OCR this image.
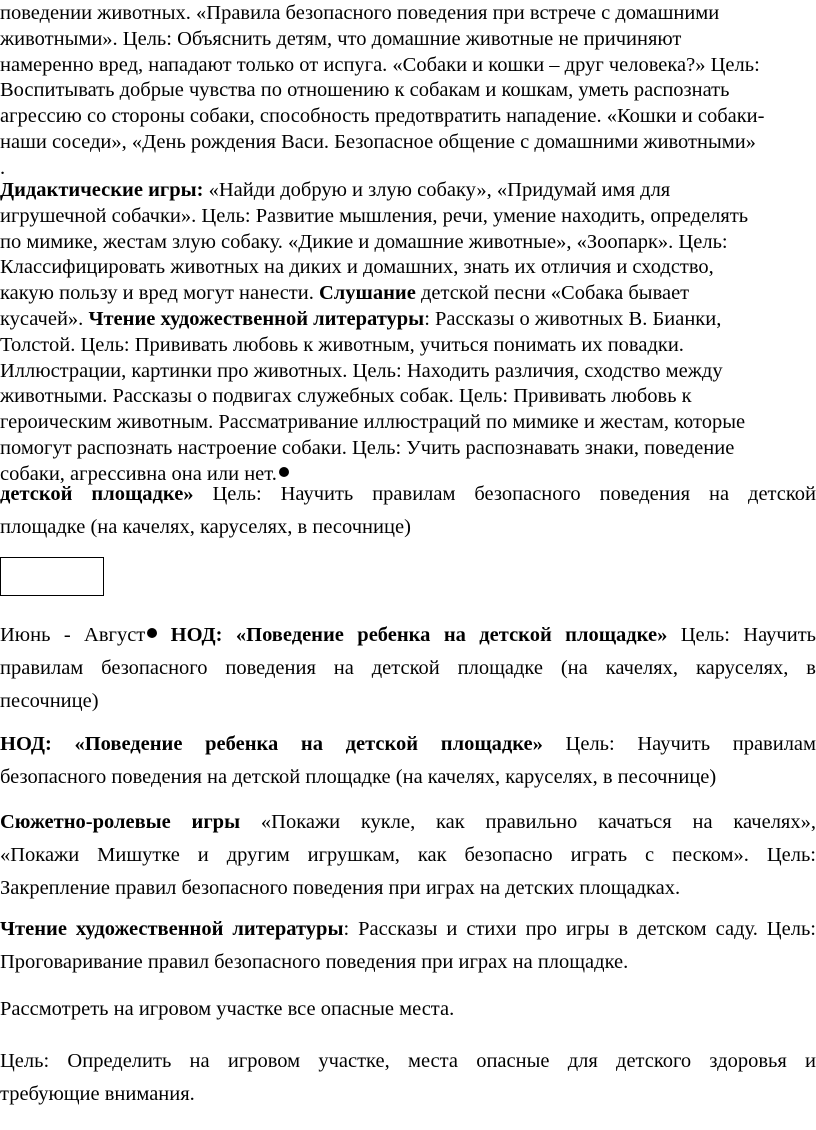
поведении животных. «Правила безопасного поведения при встрече с домашними
животными». Цель: Объяснить детям, что домашние животные не причиняют
намеренно вред, нападают только от испуга. «Собаки и кошки – друг человека?» Цель:
Воспитывать добрые чувства по отношению к собакам и кошкам, уметь распознать
агрессию со стороны собаки, способность предотвратить нападение. «Кошки и собаки-
наши соседи», «День рождения Васи. Безопасное общение с домашними животными»
.
Дидактические игры: «Найди добрую и злую собаку», «Придумай имя для
игрушечной собачки». Цель: Развитие мышления, речи, умение находить, определять
по мимике, жестам злую собаку. «Дикие и домашние животные», «Зоопарк». Цель:
Классифицировать животных на диких и домашних, знать их отличия и сходство,
какую пользу и вред могут нанести. Слушание детской песни «Собака бывает
кусачей». Чтение художественной литературы: Рассказы о животных В. Бианки,
Толстой. Цель: Прививать любовь к животным, учиться понимать их повадки.
Иллюстрации, картинки про животных. Цель: Находить различия, сходство между
животными. Рассказы о подвигах служебных собак. Цель: Прививать любовь к
героическим животным. Рассматривание иллюстраций по мимике и жестам, которые
помогут распознать настроение собаки. Цель: Учить распознавать знаки, поведение
собаки, агрессивна она или нет.
детской площадке» Цель: Научить правилам безопасного поведения на детской
площадке (на качелях, каруселях, в песочнице)
Июнь - Август НОД: «Поведение ребенка на детской площадке» Цель: Научить
правилам безопасного поведения на детской площадке (на качелях, каруселях, в
песочнице)
НОД: «Поведение ребенка на детской площадке» Цель: Научить правилам
безопасного поведения на детской площадке (на качелях, каруселях, в песочнице)
Сюжетно-ролевые игры «Покажи кукле, как правильно качаться на качелях»,
«Покажи Мишутке и другим игрушкам, как безопасно играть с песком». Цель:
Закрепление правил безопасного поведения при играх на детских площадках.
Чтение художественной литературы: Рассказы и стихи про игры в детском саду. Цель:
Проговаривание правил безопасного поведения при играх на площадке.
Рассмотреть на игровом участке все опасные места.
Цель: Определить на игровом участке, места опасные для детского здоровья и
требующие внимания.
